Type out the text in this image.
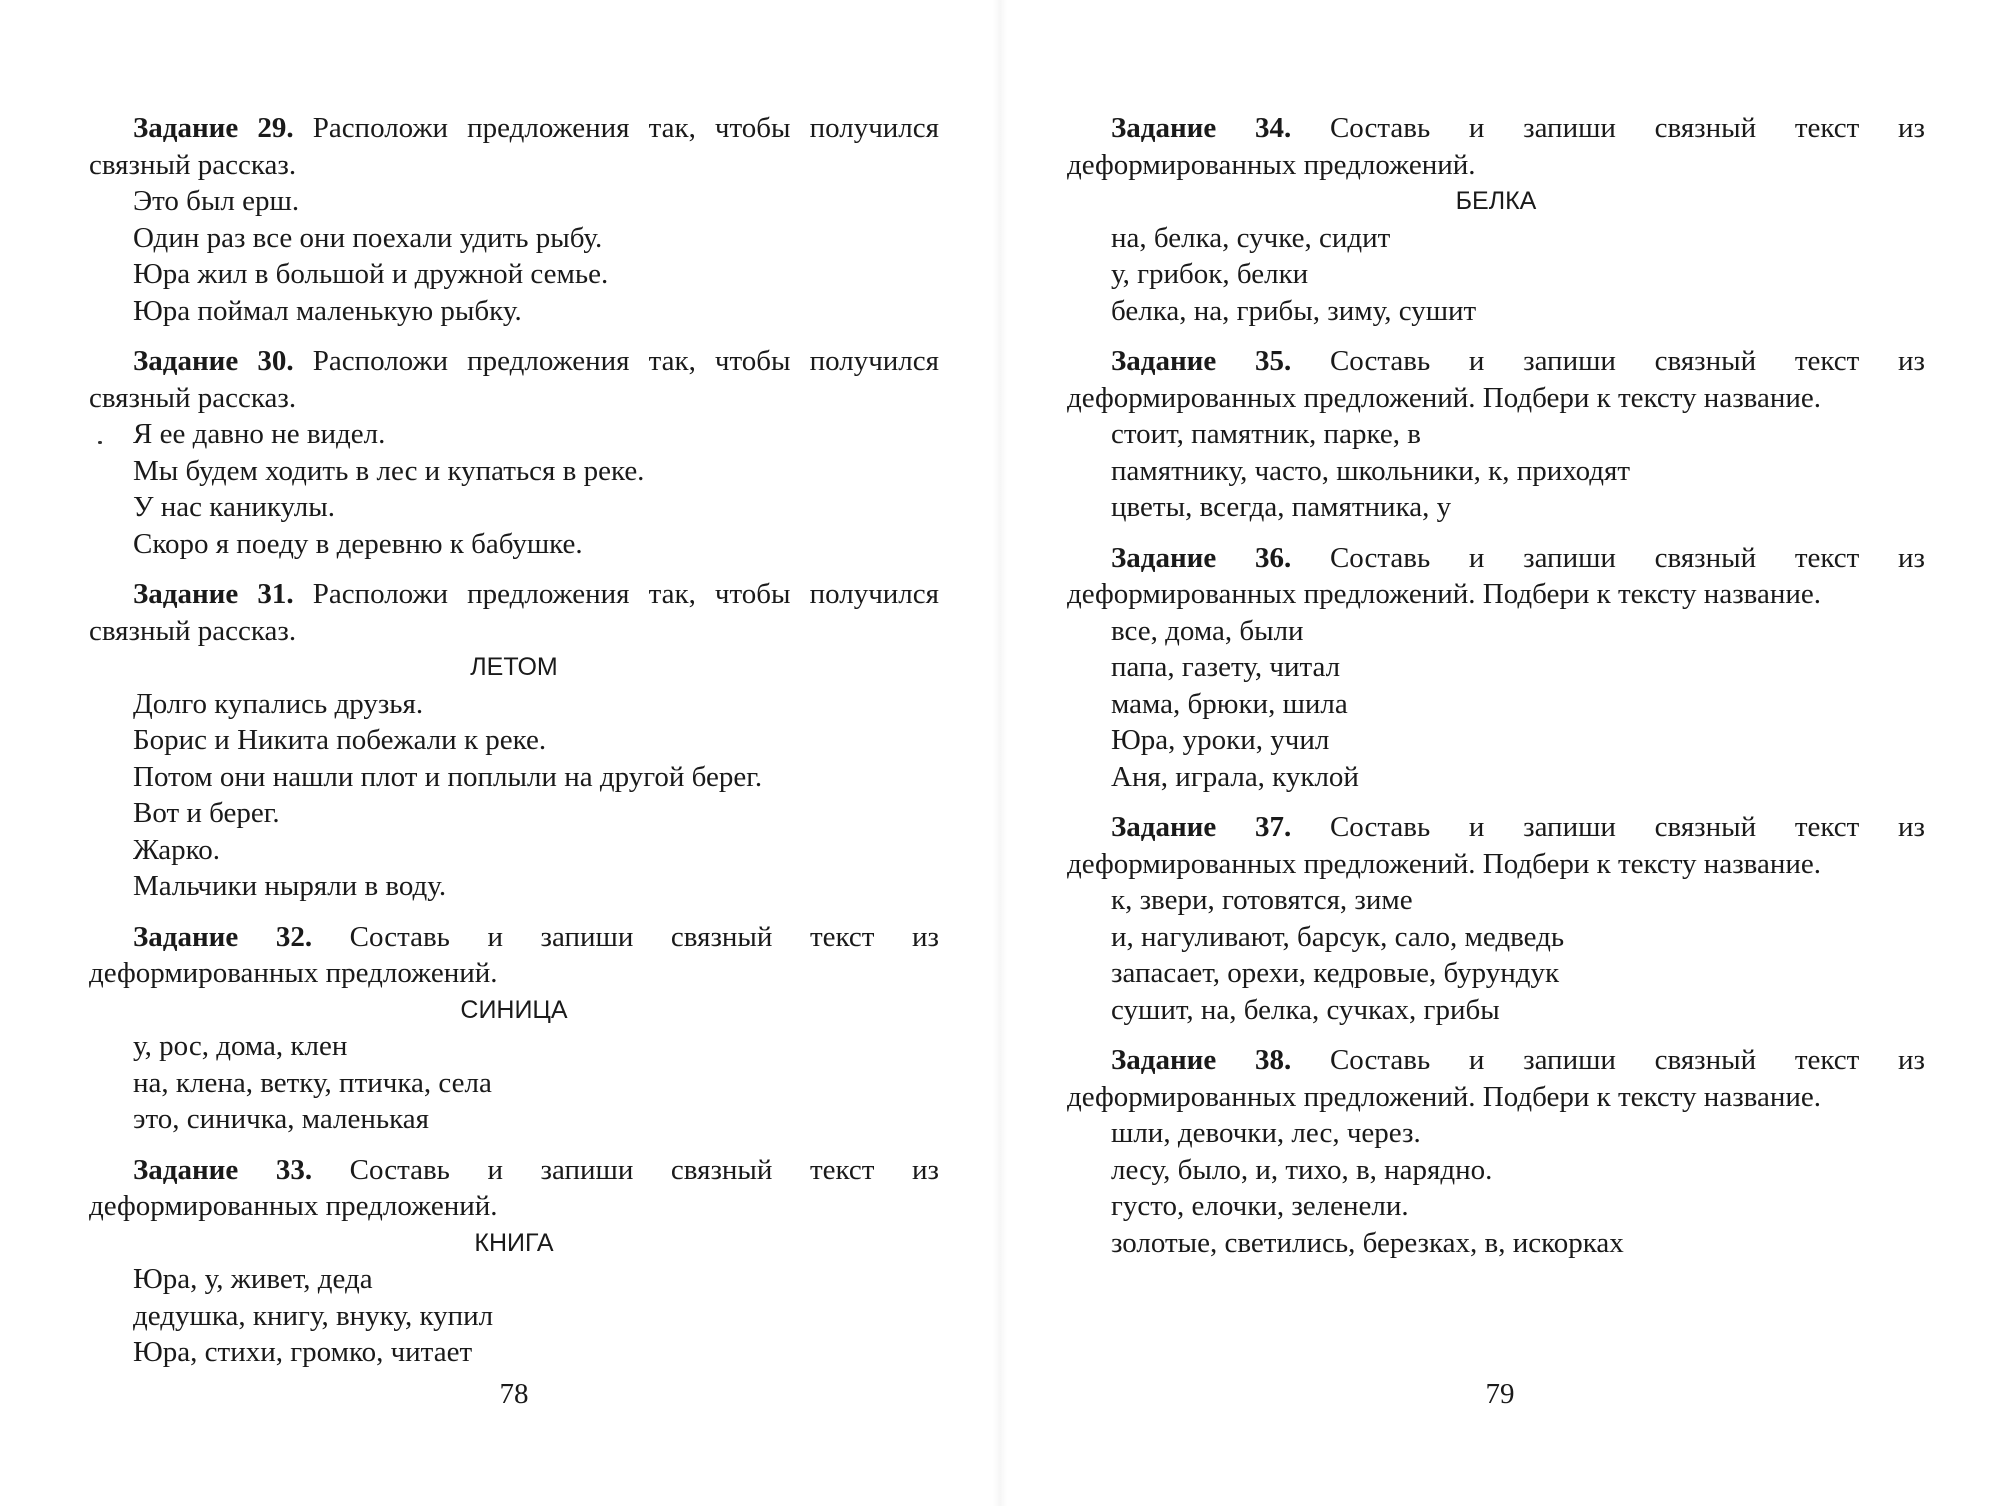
Задание 29. Расположи предложения так, чтобы получился связный рассказ.

Это был ерш.

Один раз все они поехали удить рыбу.

Юра жил в большой и дружной семье.

Юра поймал маленькую рыбку.

Задание 30. Расположи предложения так, чтобы получился связный рассказ.

Я ее давно не видел.

Мы будем ходить в лес и купаться в реке.

У нас каникулы.

Скоро я поеду в деревню к бабушке.

Задание 31. Расположи предложения так, чтобы получился связный рассказ.

ЛЕТОМ

Долго купались друзья.

Борис и Никита побежали к реке.

Потом они нашли плот и поплыли на другой берег.

Вот и берег.

Жарко.

Мальчики ныряли в воду.

Задание 32. Составь и запиши связный текст из деформированных предложений.

СИНИЦА

у, рос, дома, клен

на, клена, ветку, птичка, села

это, синичка, маленькая

Задание 33. Составь и запиши связный текст из деформированных предложений.

КНИГА

Юра, у, живет, деда

дедушка, книгу, внуку, купил

Юра, стихи, громко, читает

78

Задание 34. Составь и запиши связный текст из деформированных предложений.

БЕЛКА

на, белка, сучке, сидит

у, грибок, белки

белка, на, грибы, зиму, сушит

Задание 35. Составь и запиши связный текст из деформированных предложений. Подбери к тексту название.

стоит, памятник, парке, в

памятнику, часто, школьники, к, приходят

цветы, всегда, памятника, у

Задание 36. Составь и запиши связный текст из деформированных предложений. Подбери к тексту название.

все, дома, были

папа, газету, читал

мама, брюки, шила

Юра, уроки, учил

Аня, играла, куклой

Задание 37. Составь и запиши связный текст из деформированных предложений. Подбери к тексту название.

к, звери, готовятся, зиме

и, нагуливают, барсук, сало, медведь

запасает, орехи, кедровые, бурундук

сушит, на, белка, сучках, грибы

Задание 38. Составь и запиши связный текст из деформированных предложений. Подбери к тексту название.

шли, девочки, лес, через.

лесу, было, и, тихо, в, нарядно.

густо, елочки, зеленели.

золотые, светились, березках, в, искорках

79
